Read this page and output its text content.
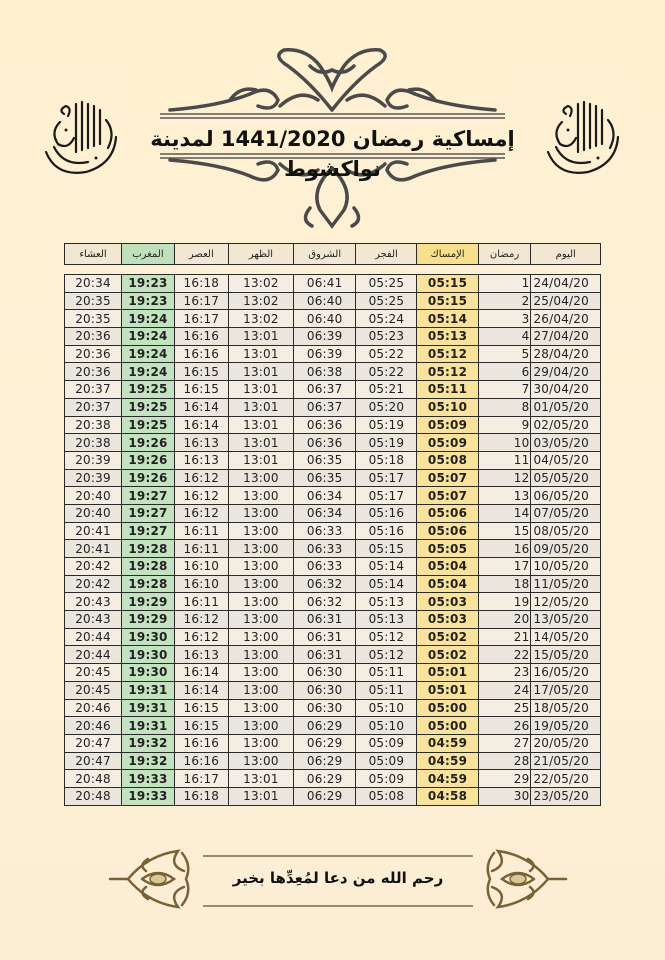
إمساكية رمضان 1441/2020 لمدينة نواكشوط
العشاء	المغرب	العصر	الظهر	الشروق	الفجر	الإمساك	رمضان	اليوم

20:34	19:23	16:18	13:02	06:41	05:25	05:15	1	24/04/20
20:35	19:23	16:17	13:02	06:40	05:25	05:15	2	25/04/20
20:35	19:24	16:17	13:02	06:40	05:24	05:14	3	26/04/20
20:36	19:24	16:16	13:01	06:39	05:23	05:13	4	27/04/20
20:36	19:24	16:16	13:01	06:39	05:22	05:12	5	28/04/20
20:36	19:24	16:15	13:01	06:38	05:22	05:12	6	29/04/20
20:37	19:25	16:15	13:01	06:37	05:21	05:11	7	30/04/20
20:37	19:25	16:14	13:01	06:37	05:20	05:10	8	01/05/20
20:38	19:25	16:14	13:01	06:36	05:19	05:09	9	02/05/20
20:38	19:26	16:13	13:01	06:36	05:19	05:09	10	03/05/20
20:39	19:26	16:13	13:01	06:35	05:18	05:08	11	04/05/20
20:39	19:26	16:12	13:00	06:35	05:17	05:07	12	05/05/20
20:40	19:27	16:12	13:00	06:34	05:17	05:07	13	06/05/20
20:40	19:27	16:12	13:00	06:34	05:16	05:06	14	07/05/20
20:41	19:27	16:11	13:00	06:33	05:16	05:06	15	08/05/20
20:41	19:28	16:11	13:00	06:33	05:15	05:05	16	09/05/20
20:42	19:28	16:10	13:00	06:33	05:14	05:04	17	10/05/20
20:42	19:28	16:10	13:00	06:32	05:14	05:04	18	11/05/20
20:43	19:29	16:11	13:00	06:32	05:13	05:03	19	12/05/20
20:43	19:29	16:12	13:00	06:31	05:13	05:03	20	13/05/20
20:44	19:30	16:12	13:00	06:31	05:12	05:02	21	14/05/20
20:44	19:30	16:13	13:00	06:31	05:12	05:02	22	15/05/20
20:45	19:30	16:14	13:00	06:30	05:11	05:01	23	16/05/20
20:45	19:31	16:14	13:00	06:30	05:11	05:01	24	17/05/20
20:46	19:31	16:15	13:00	06:30	05:10	05:00	25	18/05/20
20:46	19:31	16:15	13:00	06:29	05:10	05:00	26	19/05/20
20:47	19:32	16:16	13:00	06:29	05:09	04:59	27	20/05/20
20:47	19:32	16:16	13:00	06:29	05:09	04:59	28	21/05/20
20:48	19:33	16:17	13:01	06:29	05:09	04:59	29	22/05/20
20:48	19:33	16:18	13:01	06:29	05:08	04:58	30	23/05/20
رحم الله من دعا لمُعِدِّها بخير
